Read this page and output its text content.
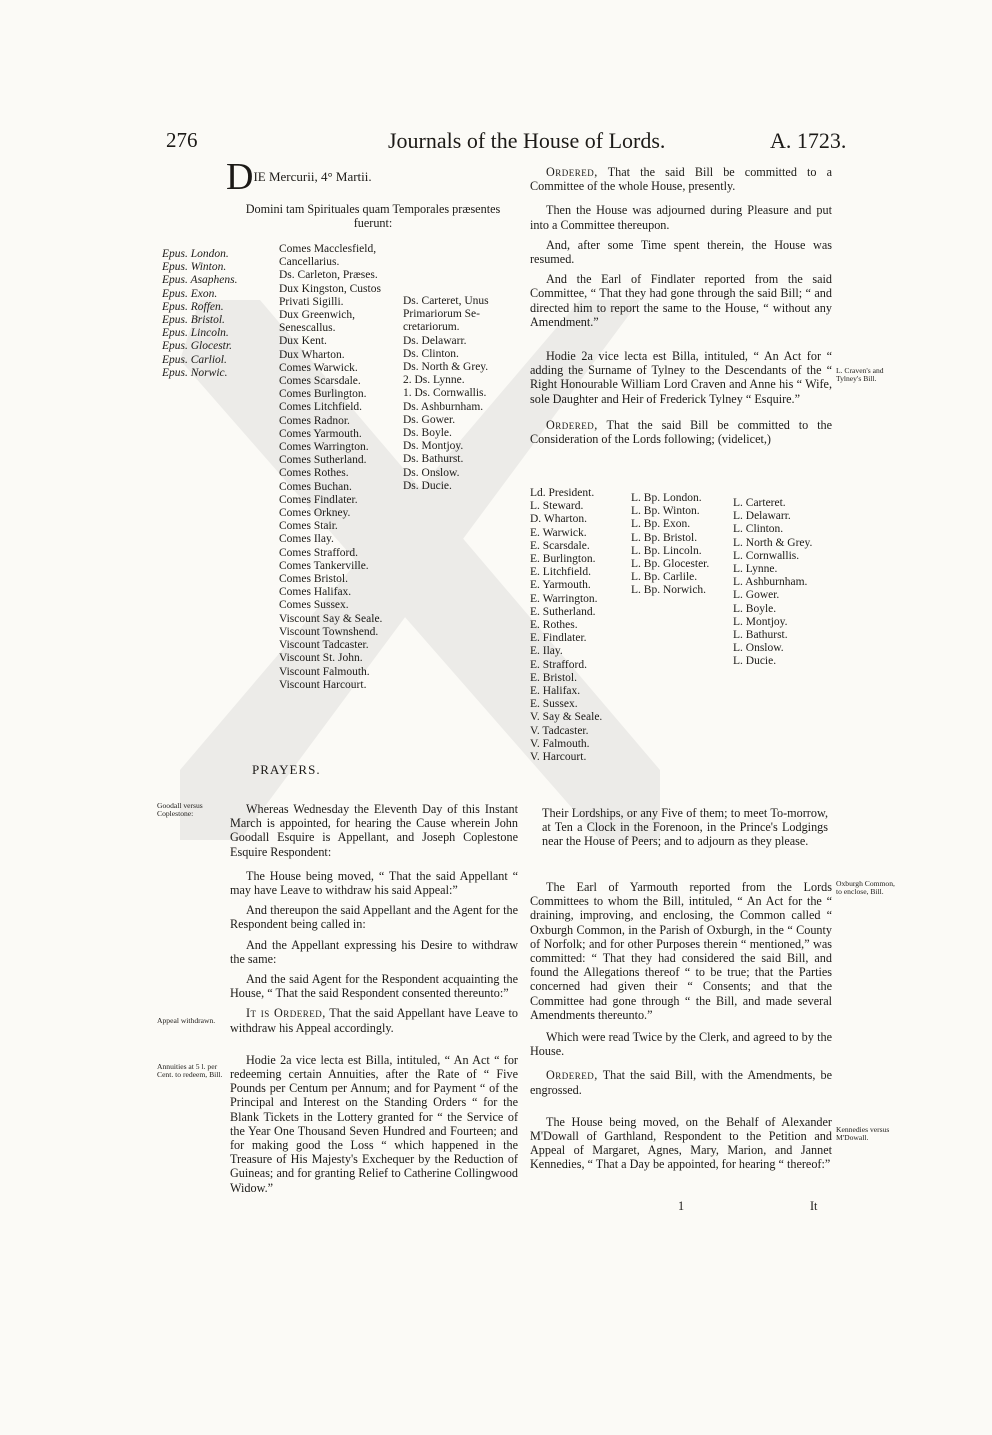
276	Journals of the House of Lords.	A. 1723.
DIE Mercurii, 4° Martii.
Domini tam Spirituales quam Temporales præsentes fuerunt:
Epus. London.
Epus. Winton.
Epus. Asaphens.
Epus. Exon.
Epus. Roffen.
Epus. Bristol.
Epus. Lincoln.
Epus. Glocestr.
Epus. Carliol.
Epus. Norwic.
Comes Macclesfield,
Cancellarius.
Ds. Carleton, Præses.
Dux Kingston, Custos
Privati Sigilli.
Dux Greenwich,
Senescallus.
Dux Kent.
Dux Wharton.
Comes Warwick.
Comes Scarsdale.
Comes Burlington.
Comes Litchfield.
Comes Radnor.
Comes Yarmouth.
Comes Warrington.
Comes Sutherland.
Comes Rothes.
Comes Buchan.
Comes Findlater.
Comes Orkney.
Comes Stair.
Comes Ilay.
Comes Strafford.
Comes Tankerville.
Comes Bristol.
Comes Halifax.
Comes Sussex.
Viscount Say & Seale.
Viscount Townshend.
Viscount Tadcaster.
Viscount St. John.
Viscount Falmouth.
Viscount Harcourt.
Ds. Carteret, Unus
Primariorum Se-
cretariorum.
Ds. Delawarr.
Ds. Clinton.
Ds. North & Grey.
2. Ds. Lynne.
1. Ds. Cornwallis.
Ds. Ashburnham.
Ds. Gower.
Ds. Boyle.
Ds. Montjoy.
Ds. Bathurst.
Ds. Onslow.
Ds. Ducie.
PRAYERS.
Goodall versus Coplestone:
Appeal withdrawn.
Annuities at 5 l. per Cent. to redeem, Bill.

Whereas Wednesday the Eleventh Day of this Instant March is appointed, for hearing the Cause wherein John Goodall Esquire is Appellant, and Joseph Coplestone Esquire Respondent:

The House being moved, “ That the said Appellant “ may have Leave to withdraw his said Appeal:”

And thereupon the said Appellant and the Agent for the Respondent being called in:

And the Appellant expressing his Desire to withdraw the same:

And the said Agent for the Respondent acquainting the House, “ That the said Respondent consented thereunto:”

It is Ordered, That the said Appellant have Leave to withdraw his Appeal accordingly.

Hodie 2a vice lecta est Billa, intituled, “ An Act “ for redeeming certain Annuities, after the Rate of “ Five Pounds per Centum per Annum; and for Payment “ of the Principal and Interest on the Standing Orders “ for the Blank Tickets in the Lottery granted for “ the Service of the Year One Thousand Seven Hundred and Fourteen; and for making good the Loss “ which happened in the Treasure of His Majesty's Exchequer by the Reduction of Guineas; and for granting Relief to Catherine Collingwood Widow.”

Ordered, That the said Bill be committed to a Committee of the whole House, presently.

Then the House was adjourned during Pleasure and put into a Committee thereupon.

And, after some Time spent therein, the House was resumed.

And the Earl of Findlater reported from the said Committee, “ That they had gone through the said Bill; “ and directed him to report the same to the House, “ without any Amendment.”

Hodie 2a vice lecta est Billa, intituled, “ An Act for “ adding the Surname of Tylney to the Descendants of the “ Right Honourable William Lord Craven and Anne his “ Wife, sole Daughter and Heir of Frederick Tylney “ Esquire.”

Ordered, That the said Bill be committed to the Consideration of the Lords following; (videlicet,)

L. Craven's and Tylney's Bill.
Oxburgh Common, to enclose, Bill.
Kennedies versus M'Dowall.
Ld. President.
L. Steward.
D. Wharton.
E. Warwick.
E. Scarsdale.
E. Burlington.
E. Litchfield.
E. Yarmouth.
E. Warrington.
E. Sutherland.
E. Rothes.
E. Findlater.
E. Ilay.
E. Strafford.
E. Bristol.
E. Halifax.
E. Sussex.
V. Say & Seale.
V. Tadcaster.
V. Falmouth.
V. Harcourt.
L. Bp. London.
L. Bp. Winton.
L. Bp. Exon.
L. Bp. Bristol.
L. Bp. Lincoln.
L. Bp. Glocester.
L. Bp. Carlile.
L. Bp. Norwich.
L. Carteret.
L. Delawarr.
L. Clinton.
L. North & Grey.
L. Cornwallis.
L. Lynne.
L. Ashburnham.
L. Gower.
L. Boyle.
L. Montjoy.
L. Bathurst.
L. Onslow.
L. Ducie.
Their Lordships, or any Five of them; to meet To-morrow, at Ten a Clock in the Forenoon, in the Prince's Lodgings near the House of Peers; and to adjourn as they please.

The Earl of Yarmouth reported from the Lords Committees to whom the Bill, intituled, “ An Act for the “ draining, improving, and enclosing, the Common called “ Oxburgh Common, in the Parish of Oxburgh, in the “ County of Norfolk; and for other Purposes therein “ mentioned,” was committed: “ That they had considered the said Bill, and found the Allegations thereof “ to be true; that the Parties concerned had given their “ Consents; and that the Committee had gone through “ the Bill, and made several Amendments thereunto.”

Which were read Twice by the Clerk, and agreed to by the House.

Ordered, That the said Bill, with the Amendments, be engrossed.

The House being moved, on the Behalf of Alexander M'Dowall of Garthland, Respondent to the Petition and Appeal of Margaret, Agnes, Mary, Marion, and Jannet Kennedies, “ That a Day be appointed, for hearing “ thereof:”

1	It
